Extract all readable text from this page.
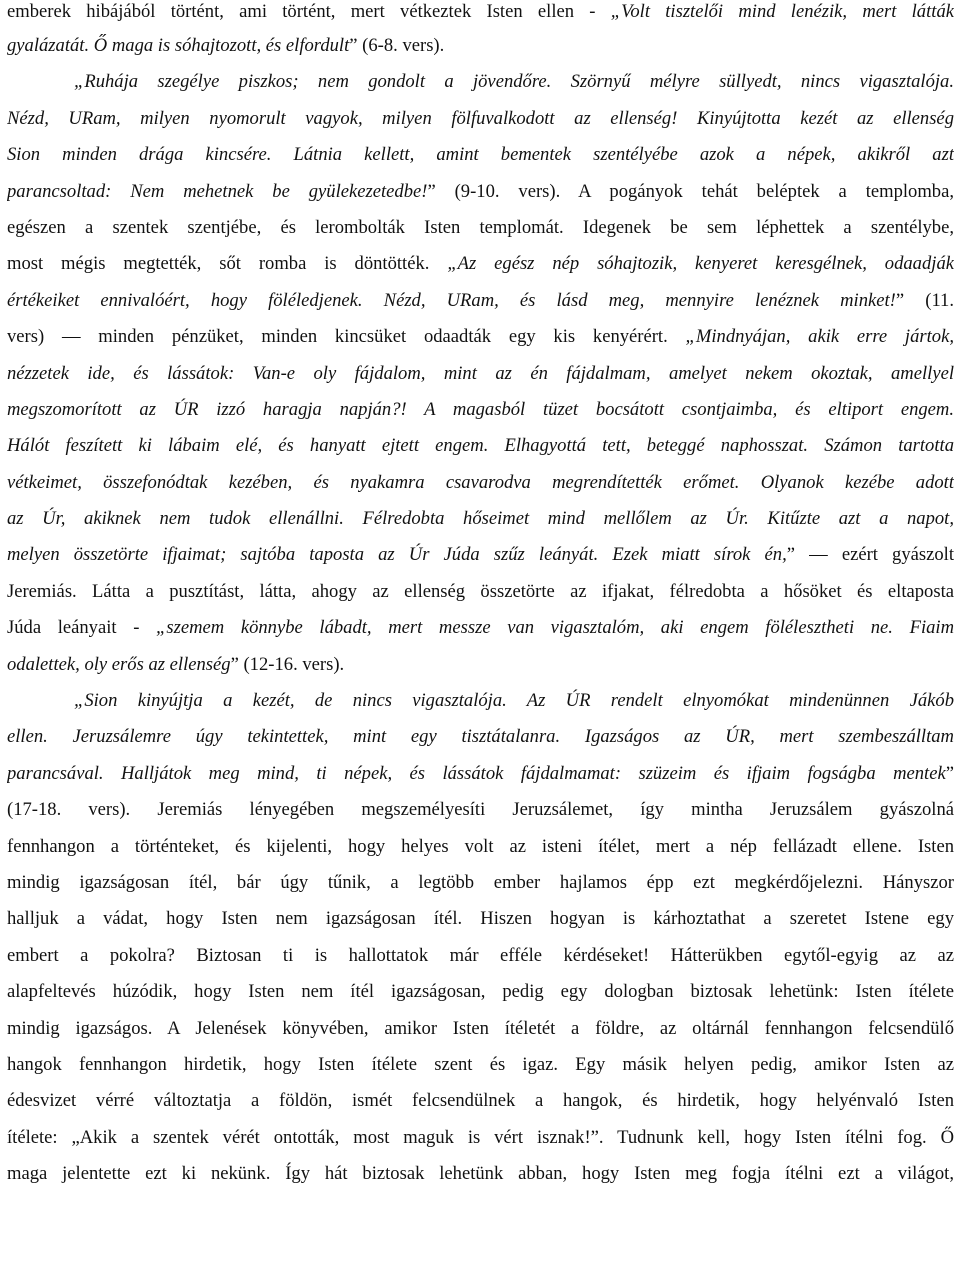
emberek hibájából történt, ami történt, mert vétkeztek Isten ellen - „Volt tisztelői mind lenézik, mert látták
gyalázatát. Ő maga is sóhajtozott, és elfordult” (6-8. vers).
„Ruhája szegélye piszkos; nem gondolt a jövendőre. Szörnyű mélyre süllyedt, nincs vigasztalója.
Nézd, URam, milyen nyomorult vagyok, milyen fölfuvalkodott az ellenség! Kinyújtotta kezét az ellenség
Sion minden drága kincsére. Látnia kellett, amint bementek szentélyébe azok a népek, akikről azt
parancsoltad: Nem mehetnek be gyülekezetedbe!” (9-10. vers). A pogányok tehát beléptek a templomba,
egészen a szentek szentjébe, és lerombolták Isten templomát. Idegenek be sem léphettek a szentélybe,
most mégis megtették, sőt romba is döntötték. „Az egész nép sóhajtozik, kenyeret keresgélnek, odaadják
értékeiket ennivalóért, hogy föléledjenek. Nézd, URam, és lásd meg, mennyire lenéznek minket!” (11.
vers) ― minden pénzüket, minden kincsüket odaadták egy kis kenyérért. „Mindnyájan, akik erre jártok,
nézzetek ide, és lássátok: Van-e oly fájdalom, mint az én fájdalmam, amelyet nekem okoztak, amellyel
megszomorított az ÚR izzó haragja napján?! A magasból tüzet bocsátott csontjaimba, és eltiport engem.
Hálót feszített ki lábaim elé, és hanyatt ejtett engem. Elhagyottá tett, beteggé naphosszat. Számon tartotta
vétkeimet, összefonódtak kezében, és nyakamra csavarodva megrendítették erőmet. Olyanok kezébe adott
az Úr, akiknek nem tudok ellenállni. Félredobta hőseimet mind mellőlem az Úr. Kitűzte azt a napot,
melyen összetörte ifjaimat; sajtóba taposta az Úr Júda szűz leányát. Ezek miatt sírok én,” ― ezért gyászolt
Jeremiás. Látta a pusztítást, látta, ahogy az ellenség összetörte az ifjakat, félredobta a hősöket és eltaposta
Júda leányait - „szemem könnybe lábadt, mert messze van vigasztalóm, aki engem fölélesztheti ne. Fiaim
odalettek, oly erős az ellenség” (12-16. vers).
„Sion kinyújtja a kezét, de nincs vigasztalója. Az ÚR rendelt elnyomókat mindenünnen Jákób
ellen. Jeruzsálemre úgy tekintettek, mint egy tisztátalanra. Igazságos az ÚR, mert szembeszálltam
parancsával. Halljátok meg mind, ti népek, és lássátok fájdalmamat: szüzeim és ifjaim fogságba mentek”
(17-18. vers). Jeremiás lényegében megszemélyesíti Jeruzsálemet, így mintha Jeruzsálem gyászolná
fennhangon a történteket, és kijelenti, hogy helyes volt az isteni ítélet, mert a nép fellázadt ellene. Isten
mindig igazságosan ítél, bár úgy tűnik, a legtöbb ember hajlamos épp ezt megkérdőjelezni. Hányszor
halljuk a vádat, hogy Isten nem igazságosan ítél. Hiszen hogyan is kárhoztathat a szeretet Istene egy
embert a pokolra? Biztosan ti is hallottatok már efféle kérdéseket! Hátterükben egytől-egyig az az
alapfeltevés húzódik, hogy Isten nem ítél igazságosan, pedig egy dologban biztosak lehetünk: Isten ítélete
mindig igazságos. A Jelenések könyvében, amikor Isten ítéletét a földre, az oltárnál fennhangon felcsendülő
hangok fennhangon hirdetik, hogy Isten ítélete szent és igaz. Egy másik helyen pedig, amikor Isten az
édesvizet vérré változtatja a földön, ismét felcsendülnek a hangok, és hirdetik, hogy helyénvaló Isten
ítélete: „Akik a szentek vérét ontották, most maguk is vért isznak!”. Tudnunk kell, hogy Isten ítélni fog. Ő
maga jelentette ezt ki nekünk. Így hát biztosak lehetünk abban, hogy Isten meg fogja ítélni ezt a világot,
